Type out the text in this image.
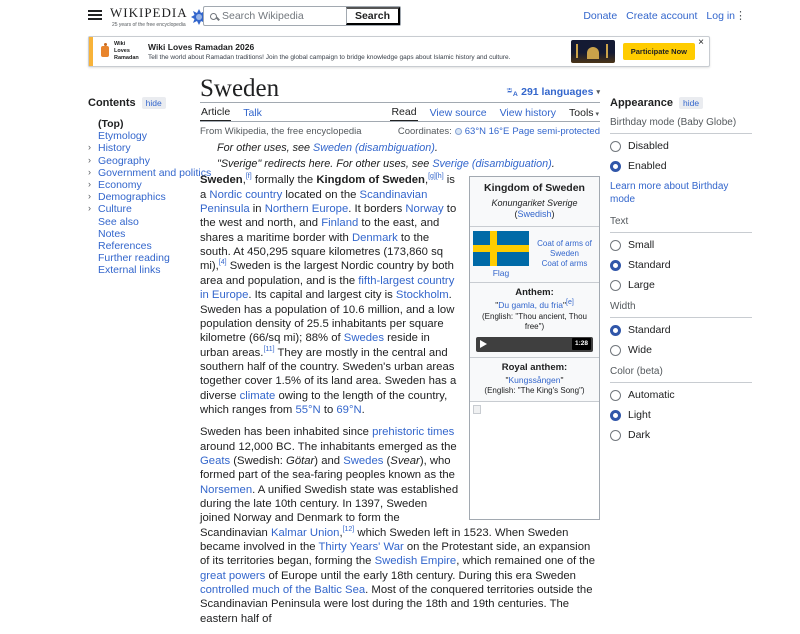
WIKIPEDIA
25 years of the free encyclopedia
Search Wikipedia
Search	Donate Create account Log in ⋮
Wiki Loves Ramadan
Wiki Loves Ramadan 2026
Tell the world about Ramadan traditions! Join the global campaign to bridge knowledge gaps about Islamic history and culture.
Participate Now
×
Contents	hide
(Top)
Etymology
›
History
›
Geography
›
Government and politics
›
Economy
›
Demographics
›
Culture
See also
Notes
References
Further reading
External links
Sweden	A 291 languages ▾
Article Talk	Read View source View history Tools ▾
From Wikipedia, the free encyclopedia	Coordinates: 63°N 16°E Page semi-protected
For other uses, see Sweden (disambiguation).
"Sverige" redirects here. For other uses, see Sverige (disambiguation).
Kingdom of Sweden
Konungariket Sverige (Swedish)
Flag
Coat of arms of Sweden
Coat of arms
Anthem:
"Du gamla, du fria"[e]
(English: "Thou ancient, Thou free")
1:28
Royal anthem:
"Kungssången"
(English: "The King's Song")

Sweden,[f] formally the Kingdom of Sweden,[g][h] is a Nordic country located on the Scandinavian Peninsula in Northern Europe. It borders Norway to the west and north, and Finland to the east, and shares a maritime border with Denmark to the south. At 450,295 square kilometres (173,860 sq mi),[4] Sweden is the largest Nordic country by both area and population, and is the fifth-largest country in Europe. Its capital and largest city is Stockholm. Sweden has a population of 10.6 million, and a low population density of 25.5 inhabitants per square kilometre (66/sq mi); 88% of Swedes reside in urban areas.[11] They are mostly in the central and southern half of the country. Sweden's urban areas together cover 1.5% of its land area. Sweden has a diverse climate owing to the length of the country, which ranges from 55°N to 69°N.

Sweden has been inhabited since prehistoric times around 12,000 BC. The inhabitants emerged as the Geats (Swedish: Götar) and Swedes (Svear), who formed part of the sea-faring peoples known as the Norsemen. A unified Swedish state was established during the late 10th century. In 1397, Sweden joined Norway and Denmark to form the Scandinavian Kalmar Union,[12] which Sweden left in 1523. When Sweden became involved in the Thirty Years' War on the Protestant side, an expansion of its territories began, forming the Swedish Empire, which remained one of the great powers of Europe until the early 18th century. During this era Sweden controlled much of the Baltic Sea. Most of the conquered territories outside the Scandinavian Peninsula were lost during the 18th and 19th centuries. The eastern half of

Appearance	hide
Birthday mode (Baby Globe)
Disabled
Enabled
Learn more about Birthday mode
Text
Small
Standard
Large
Width
Standard
Wide
Color (beta)
Automatic
Light
Dark
